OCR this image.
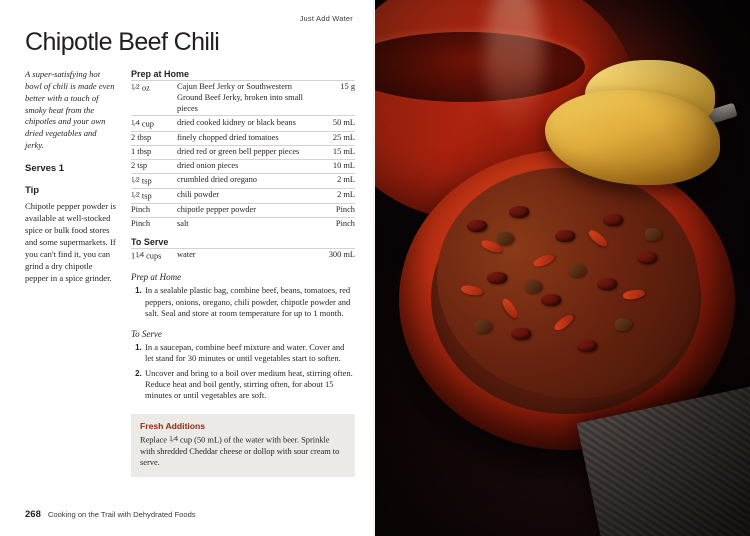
Just Add Water
Chipotle Beef Chili

A super-satisfying hot bowl of chili is made even better with a touch of smoky heat from the chipotles and your own dried vegetables and jerky.

Serves 1

Tip

Chipotle pepper powder is available at well-stocked spice or bulk food stores and some supermarkets. If you can't find it, you can grind a dry chipotle pepper in a spice grinder.

Prep at Home
1⁄2 oz	Cajun Beef Jerky or Southwestern Ground Beef Jerky, broken into small pieces	15 g
1⁄4 cup	dried cooked kidney or black beans	50 mL
2 tbsp	finely chopped dried tomatoes	25 mL
1 tbsp	dried red or green bell pepper pieces	15 mL
2 tsp	dried onion pieces	10 mL
1⁄2 tsp	crumbled dried oregano	2 mL
1⁄2 tsp	chili powder	2 mL
Pinch	chipotle pepper powder	Pinch
Pinch	salt	Pinch
To Serve
11⁄4 cups	water	300 mL
Prep at Home
1. In a sealable plastic bag, combine beef, beans, tomatoes, red peppers, onions, oregano, chili powder, chipotle powder and salt. Seal and store at room temperature for up to 1 month.
To Serve
1. In a saucepan, combine beef mixture and water. Cover and let stand for 30 minutes or until vegetables start to soften.
2. Uncover and bring to a boil over medium heat, stirring often. Reduce heat and boil gently, stirring often, for about 15 minutes or until vegetables are soft.
Fresh Additions

Replace 1⁄4 cup (50 mL) of the water with beer. Sprinkle with shredded Cheddar cheese or dollop with sour cream to serve.

268 Cooking on the Trail with Dehydrated Foods
